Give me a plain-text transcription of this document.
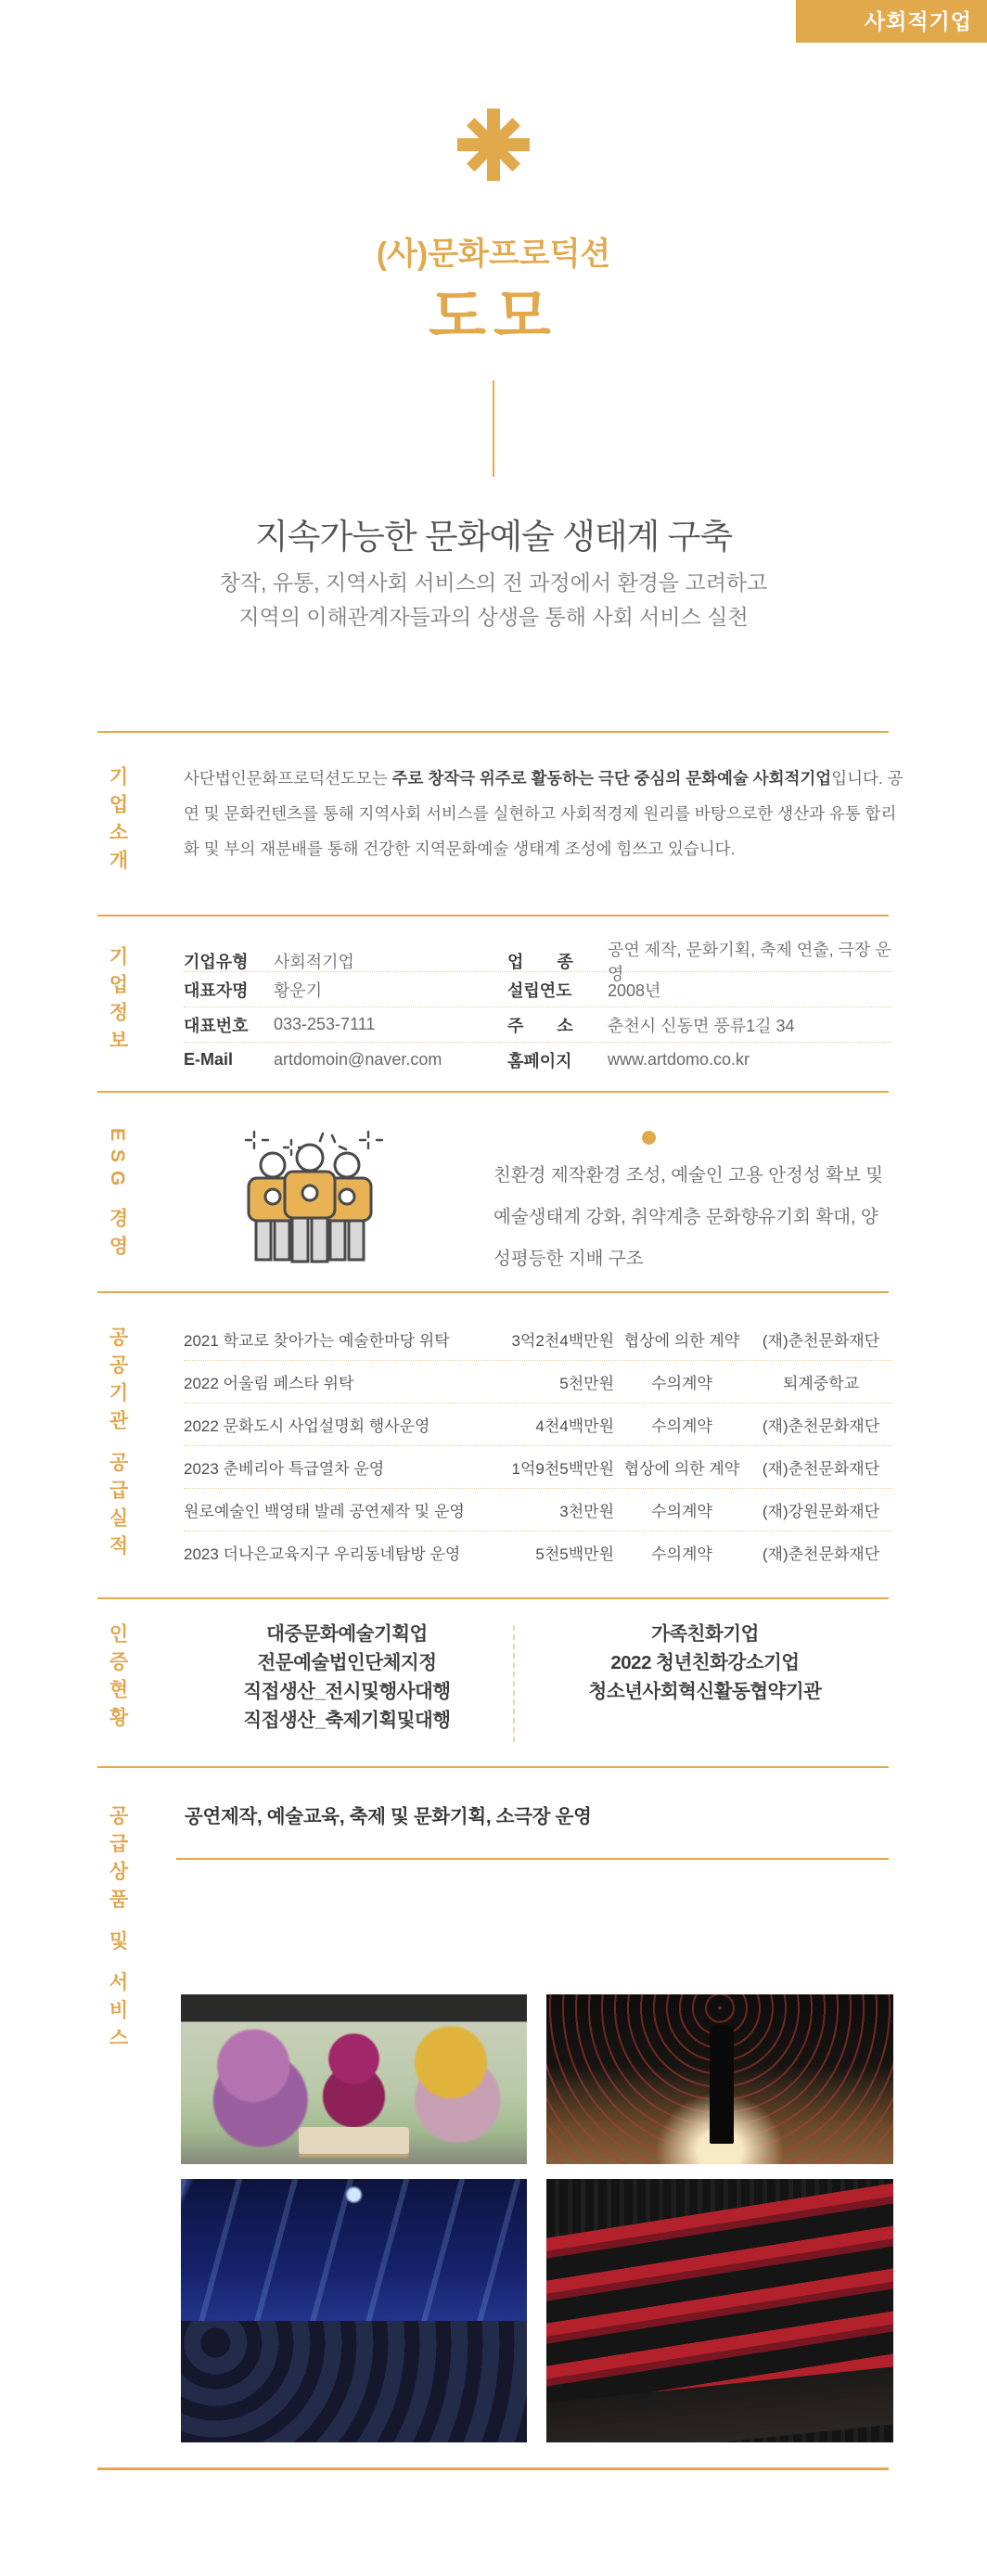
사회적기업
(사)문화프로덕션
도모
지속가능한 문화예술 생태계 구축
창작, 유통, 지역사회 서비스의 전 과정에서 환경을 고려하고
지역의 이해관계자들과의 상생을 통해 사회 서비스 실천
기업소개	사단법인문화프로덕션도모는 주로 창작극 위주로 활동하는 극단 중심의 문화예술 사회적기업입니다. 공연 및 문화컨텐츠를 통해 지역사회 서비스를 실현하고 사회적경제 원리를 바탕으로한 생산과 유통 합리화 및 부의 재분배를 통해 건강한 지역문화예술 생태계 조성에 힘쓰고 있습니다.
기업정보	기업유형	사회적기업	업　　종
공연 제작, 문화기획, 축제 연출, 극장 운영
대표자명	황운기	설립연도	2008년
대표번호	033-253-7111	주　　소	춘천시 신동면 풍류1길 34
E-Mail	artdomoin@naver.com	홈페이지	www.artdomo.co.kr
ESG 경영	친환경 제작환경 조성, 예술인 고용 안정성 확보 및
예술생태계 강화, 취약계층 문화향유기회 확대, 양
성평등한 지배 구조
공공기관 공급실적	2021 학교로 찾아가는 예술한마당 위탁	3억2천4백만원 협상에 의한 계약	(재)춘천문화재단
2022 어울림 페스타 위탁	5천만원	수의계약	퇴계중학교
2022 문화도시 사업설명회 행사운영	4천4백만원	수의계약	(재)춘천문화재단
2023 춘베리아 특급열차 운영	1억9천5백만원 협상에 의한 계약	(재)춘천문화재단
원로예술인 백영태 발레 공연제작 및 운영	3천만원	수의계약	(재)강원문화재단
2023 더나은교육지구 우리동네탐방 운영	5천5백만원	수의계약	(재)춘천문화재단
인증현황	대중문화예술기획업
전문예술법인단체지정
직접생산_전시및행사대행
직접생산_축제기획및대행
가족친화기업
2022 청년친화강소기업
청소년사회혁신활동협약기관
공급상품 및 서비스	공연제작, 예술교육, 축제 및 문화기획, 소극장 운영
